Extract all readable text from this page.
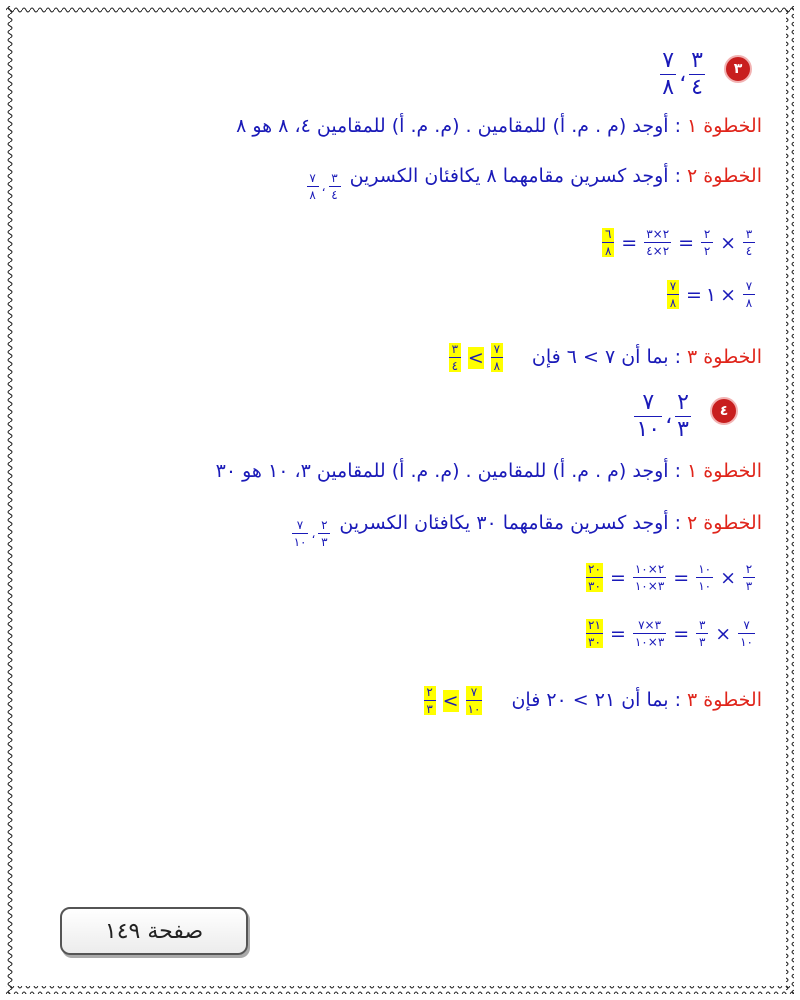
٣
$\frac{٧}{٨}$ ، $\frac{٣}{٤}$
الخطوة ١ : أوجد (م . م. أ) للمقامين . (م. م. أ) للمقامين ٤، ٨ هو ٨
الخطوة ٢ : أوجد كسرين مقامهما ٨ يكافئان الكسرين
$\frac{٧}{٨}$ ، $\frac{٣}{٤}$
$\frac{٦}{٨} = \frac{٢\times ٣}{٢\times ٤} = \frac{٢}{٢} \times \frac{٣}{٤}$
$\frac{٧}{٨}$ = ١ × $\frac{٧}{٨}$
الخطوة ٣ : بما أن ٧ > ٦ فإن
$\frac{٣}{٤} < \frac{٧}{٨}$
٤
$\frac{٧}{١٠}$ ، $\frac{٢}{٣}$
الخطوة ١ : أوجد (م . م. أ) للمقامين . (م. م. أ) للمقامين ٣، ١٠ هو ٣٠
الخطوة ٢ : أوجد كسرين مقامهما ٣٠ يكافئان الكسرين
$\frac{٧}{١٠}$ ، $\frac{٢}{٣}$
$\frac{٢٠}{٣٠} = \frac{٢\times ١٠}{٣\times ١٠} = \frac{١٠}{١٠} \times \frac{٢}{٣}$
$\frac{٢١}{٣٠} = \frac{٣\times ٧}{٣\times ١٠} = \frac{٣}{٣} \times \frac{٧}{١٠}$
الخطوة ٣ : بما أن ٢١ > ٢٠ فإن
$\frac{٢}{٣} < \frac{٧}{١٠}$
صفحة ١٤٩
